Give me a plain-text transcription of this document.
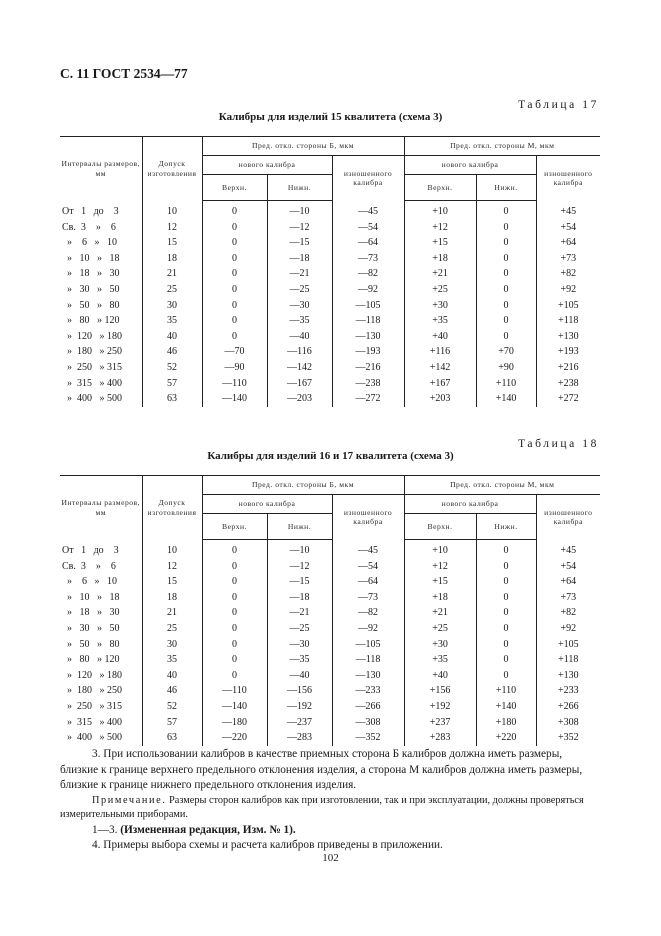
С. 11 ГОСТ 2534—77
Таблица 17
Калибры для изделий 15 квалитета (схема 3)
Интервалы размеров, мм	Допуск изготовления	Пред. откл. стороны Б, мкм			Пред. откл. стороны М, мкм		
		нового калибра		изношенного калибра	нового калибра		изношенного калибра
		Верхн.	Нижн.		Верхн.	Нижн.	
От   1   до    3	10	0	—10	—45	+10	0	+45
Св.  3    »    6	12	0	—12	—54	+12	0	+54
»    6   »   10	15	0	—15	—64	+15	0	+64
»   10   »   18	18	0	—18	—73	+18	0	+73
»   18   »   30	21	0	—21	—82	+21	0	+82
»   30   »   50	25	0	—25	—92	+25	0	+92
»   50   »   80	30	0	—30	—105	+30	0	+105
»   80   » 120	35	0	—35	—118	+35	0	+118
»  120   » 180	40	0	—40	—130	+40	0	+130
»  180   » 250	46	—70	—116	—193	+116	+70	+193
»  250   » 315	52	—90	—142	—216	+142	+90	+216
»  315   » 400	57	—110	—167	—238	+167	+110	+238
»  400   » 500	63	—140	—203	—272	+203	+140	+272
Таблица 18
Калибры для изделий 16 и 17 квалитета (схема 3)
Интервалы размеров, мм	Допуск изготовления	Пред. откл. стороны Б, мкм			Пред. откл. стороны М, мкм		
		нового калибра		изношенного калибра	нового калибра		изношенного калибра
		Верхн.	Нижн.		Верхн.	Нижн.	
От   1   до    3	10	0	—10	—45	+10	0	+45
Св.  3    »    6	12	0	—12	—54	+12	0	+54
»    6   »   10	15	0	—15	—64	+15	0	+64
»   10   »   18	18	0	—18	—73	+18	0	+73
»   18   »   30	21	0	—21	—82	+21	0	+82
»   30   »   50	25	0	—25	—92	+25	0	+92
»   50   »   80	30	0	—30	—105	+30	0	+105
»   80   » 120	35	0	—35	—118	+35	0	+118
»  120   » 180	40	0	—40	—130	+40	0	+130
»  180   » 250	46	—110	—156	—233	+156	+110	+233
»  250   » 315	52	—140	—192	—266	+192	+140	+266
»  315   » 400	57	—180	—237	—308	+237	+180	+308
»  400   » 500	63	—220	—283	—352	+283	+220	+352

3. При использовании калибров в качестве приемных сторона Б калибров должна иметь размеры, близкие к границе верхнего предельного отклонения изделия, а сторона М калибров должна иметь размеры, близкие к границе нижнего предельного отклонения изделия.

Примечание. Размеры сторон калибров как при изготовлении, так и при эксплуатации, должны проверяться измерительными приборами.

1—3. (Измененная редакция, Изм. № 1).

4. Примеры выбора схемы и расчета калибров приведены в приложении.

102
